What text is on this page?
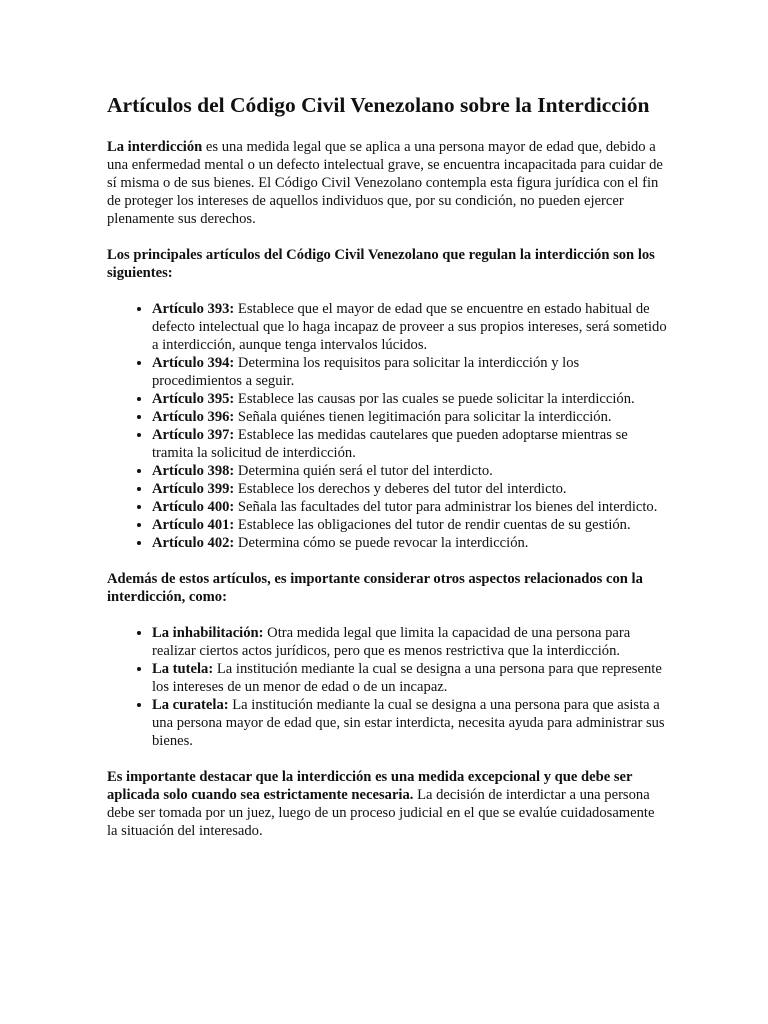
Artículos del Código Civil Venezolano sobre la Interdicción

La interdicción es una medida legal que se aplica a una persona mayor de edad que, debido a una enfermedad mental o un defecto intelectual grave, se encuentra incapacitada para cuidar de sí misma o de sus bienes. El Código Civil Venezolano contempla esta figura jurídica con el fin de proteger los intereses de aquellos individuos que, por su condición, no pueden ejercer plenamente sus derechos.

Los principales artículos del Código Civil Venezolano que regulan la interdicción son los siguientes:

• Artículo 393: Establece que el mayor de edad que se encuentre en estado habitual de defecto intelectual que lo haga incapaz de proveer a sus propios intereses, será sometido a interdicción, aunque tenga intervalos lúcidos.
• Artículo 394: Determina los requisitos para solicitar la interdicción y los procedimientos a seguir.
• Artículo 395: Establece las causas por las cuales se puede solicitar la interdicción.
• Artículo 396: Señala quiénes tienen legitimación para solicitar la interdicción.
• Artículo 397: Establece las medidas cautelares que pueden adoptarse mientras se tramita la solicitud de interdicción.
• Artículo 398: Determina quién será el tutor del interdicto.
• Artículo 399: Establece los derechos y deberes del tutor del interdicto.
• Artículo 400: Señala las facultades del tutor para administrar los bienes del interdicto.
• Artículo 401: Establece las obligaciones del tutor de rendir cuentas de su gestión.
• Artículo 402: Determina cómo se puede revocar la interdicción.

Además de estos artículos, es importante considerar otros aspectos relacionados con la interdicción, como:

• La inhabilitación: Otra medida legal que limita la capacidad de una persona para realizar ciertos actos jurídicos, pero que es menos restrictiva que la interdicción.
• La tutela: La institución mediante la cual se designa a una persona para que represente los intereses de un menor de edad o de un incapaz.
• La curatela: La institución mediante la cual se designa a una persona para que asista a una persona mayor de edad que, sin estar interdicta, necesita ayuda para administrar sus bienes.

Es importante destacar que la interdicción es una medida excepcional y que debe ser aplicada solo cuando sea estrictamente necesaria. La decisión de interdictar a una persona debe ser tomada por un juez, luego de un proceso judicial en el que se evalúe cuidadosamente la situación del interesado.
